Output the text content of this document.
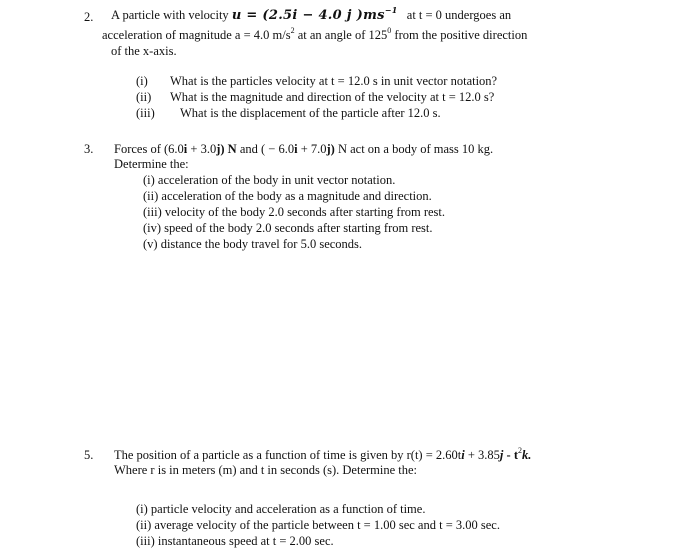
2. A particle with velocity u = (2.5i − 4.0 j )$ms^{-1}$ at t = 0 undergoes an
acceleration of magnitude a = 4.0 $m/s^2$ at an angle of $125^0$ from the positive direction
of the x-axis.
(i) What is the particles velocity at t = 12.0 s in unit vector notation?
(ii) What is the magnitude and direction of the velocity at t = 12.0 s?
(iii) What is the displacement of the particle after 12.0 s.
3. Forces of (6.0i + 3.0j) N and ( − 6.0i + 7.0j) N act on a body of mass 10 kg.
Determine the:
(i) acceleration of the body in unit vector notation.
(ii) acceleration of the body as a magnitude and direction.
(iii) velocity of the body 2.0 seconds after starting from rest.
(iv) speed of the body 2.0 seconds after starting from rest.
(v) distance the body travel for 5.0 seconds.
5. The position of a particle as a function of time is given by $r(t) = 2.60ti + 3.85j - t^2k$.
Where r is in meters (m) and t in seconds (s). Determine the:
(i) particle velocity and acceleration as a function of time.
(ii) average velocity of the particle between t = 1.00 sec and t = 3.00 sec.
(iii) instantaneous speed at t = 2.00 sec.
